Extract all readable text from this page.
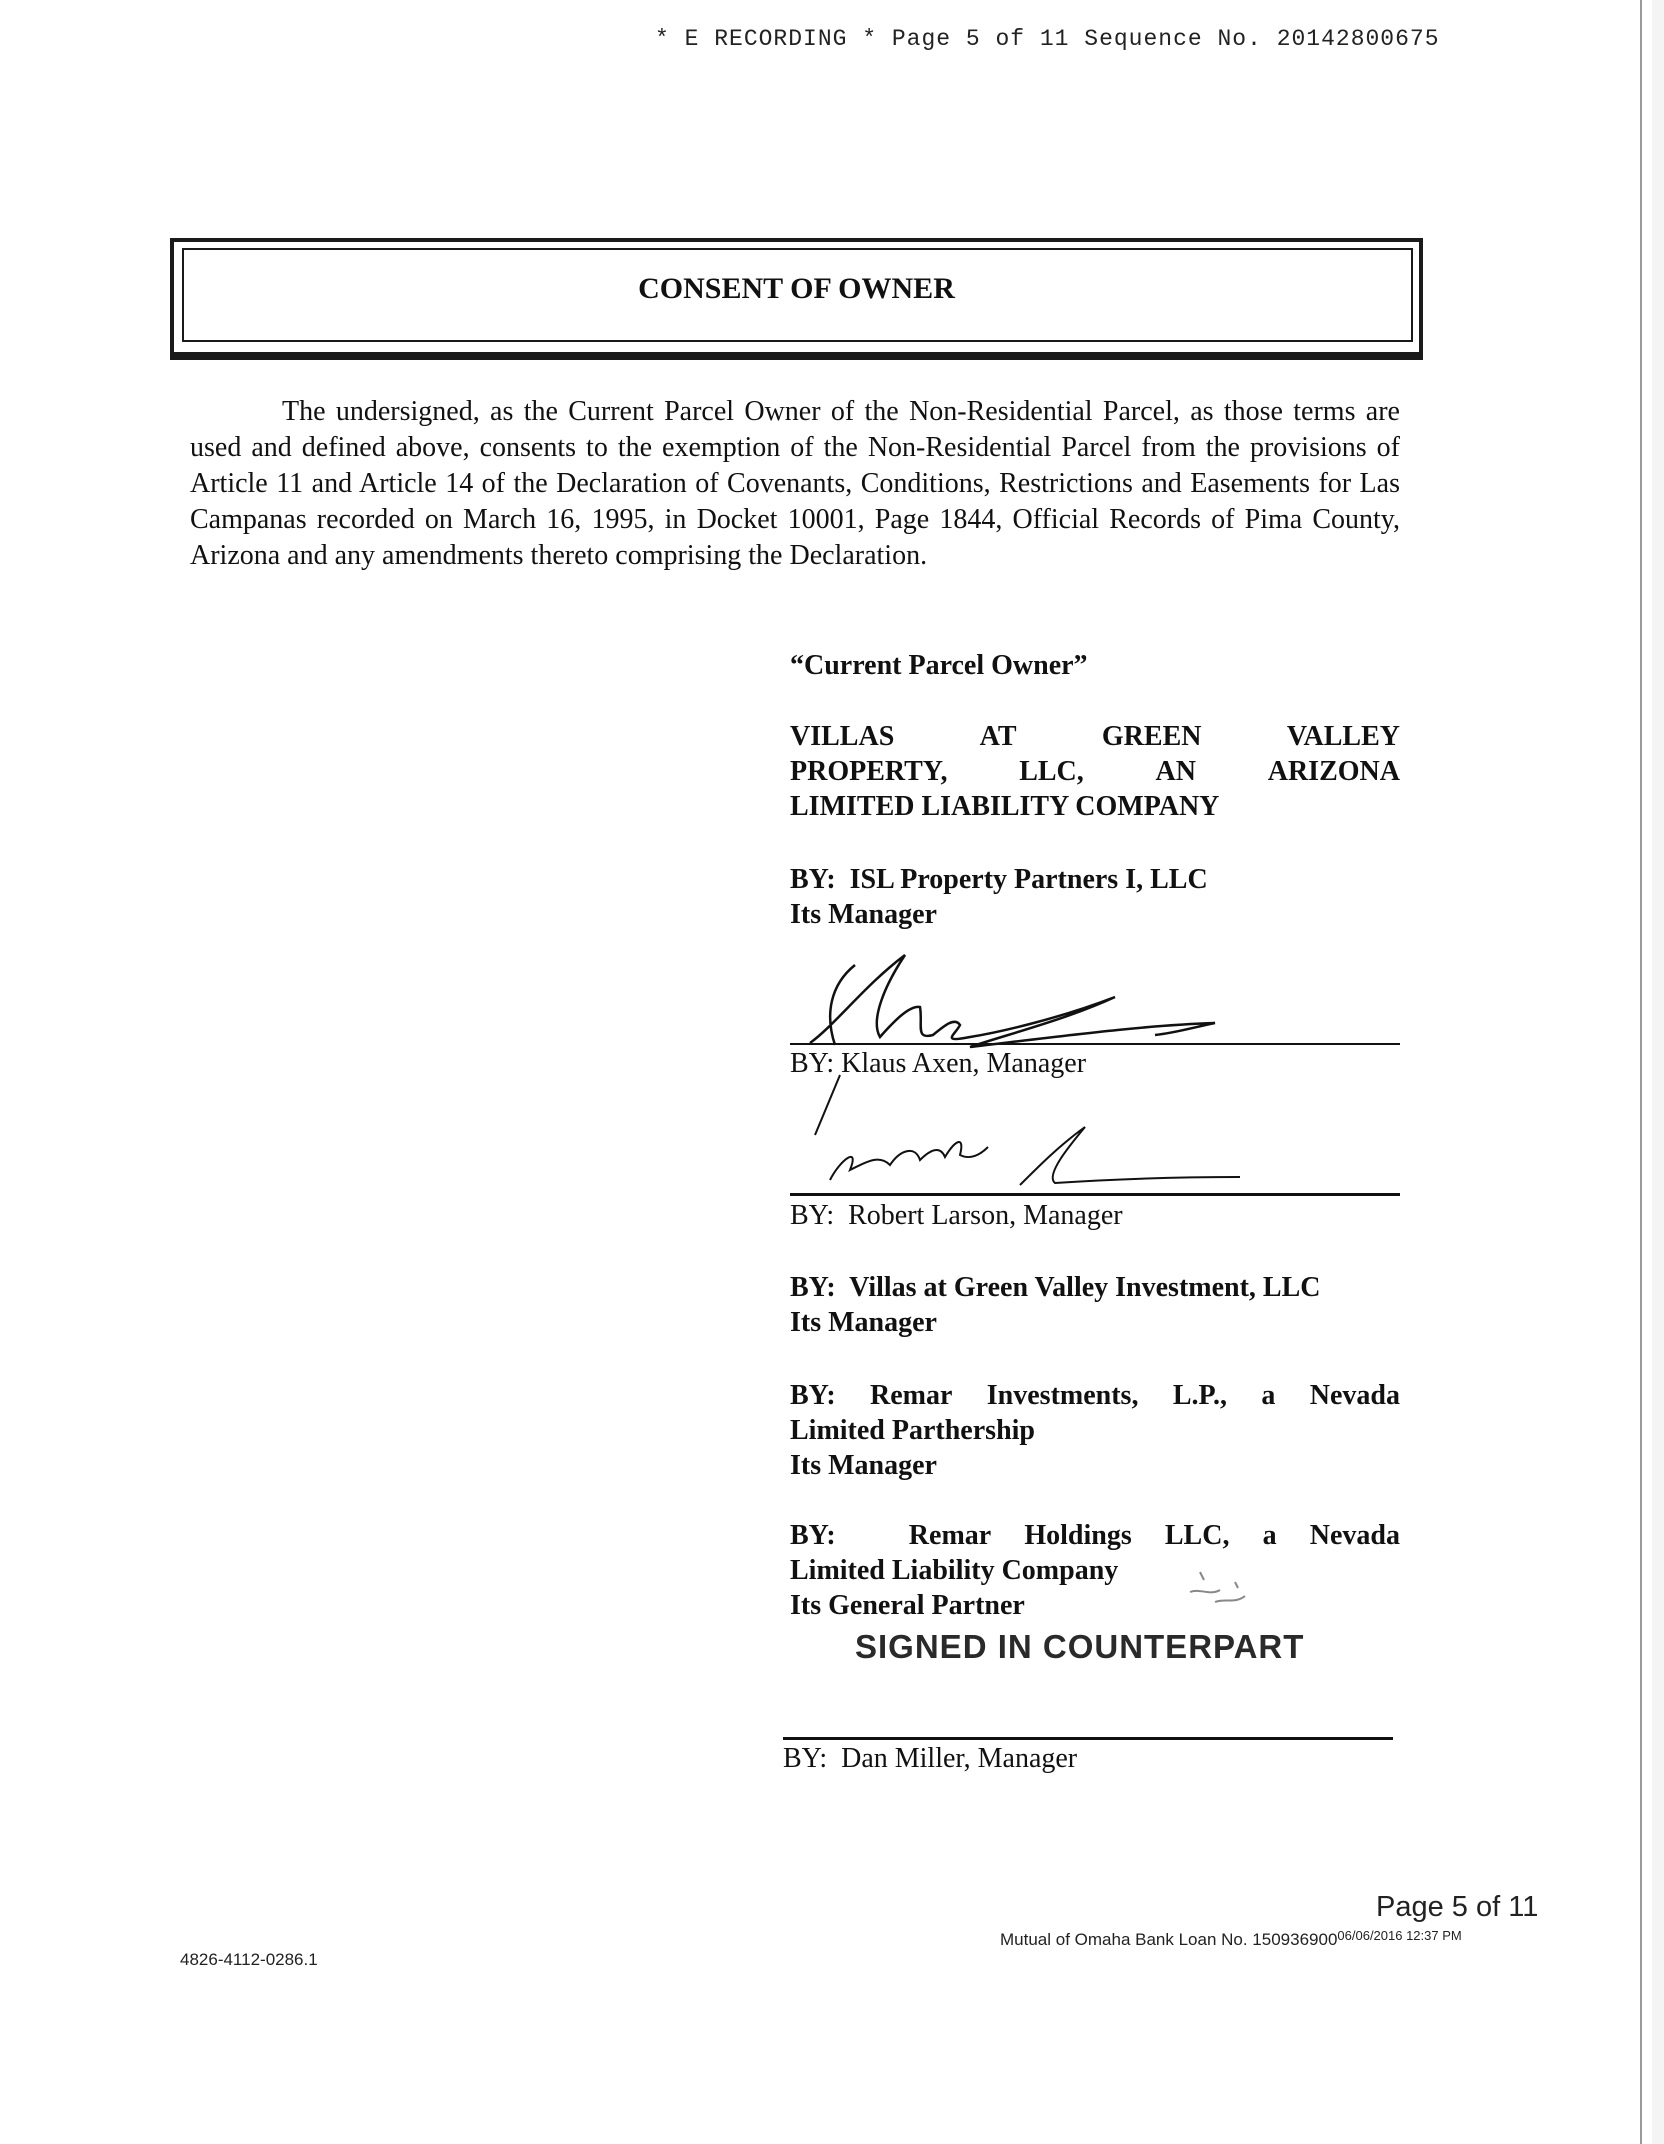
* E RECORDING * Page 5 of 11 Sequence No. 20142800675
CONSENT OF OWNER
The undersigned, as the Current Parcel Owner of the Non-Residential Parcel, as those terms are used and defined above, consents to the exemption of the Non-Residential Parcel from the provisions of Article 11 and Article 14 of the Declaration of Covenants, Conditions, Restrictions and Easements for Las Campanas recorded on March 16, 1995, in Docket 10001, Page 1844, Official Records of Pima County, Arizona and any amendments thereto comprising the Declaration.
“Current Parcel Owner”
VILLAS	AT	GREEN	VALLEY
PROPERTY,	LLC,	AN	ARIZONA
LIMITED LIABILITY COMPANY
BY:  ISL Property Partners I, LLC
Its Manager
BY: Klaus Axen, Manager
BY:  Robert Larson, Manager
BY:  Villas at Green Valley Investment, LLC
Its Manager
BY: Remar Investments, L.P., a Nevada
Limited Parthership
Its Manager
BY:	Remar Holdings LLC, a Nevada
Limited Liability Company
Its General Partner
SIGNED IN COUNTERPART
BY:  Dan Miller, Manager
Page 5 of 11
Mutual of Omaha Bank Loan No. $150936900^{06/06/2016 12:37 PM}$
4826-4112-0286.1
